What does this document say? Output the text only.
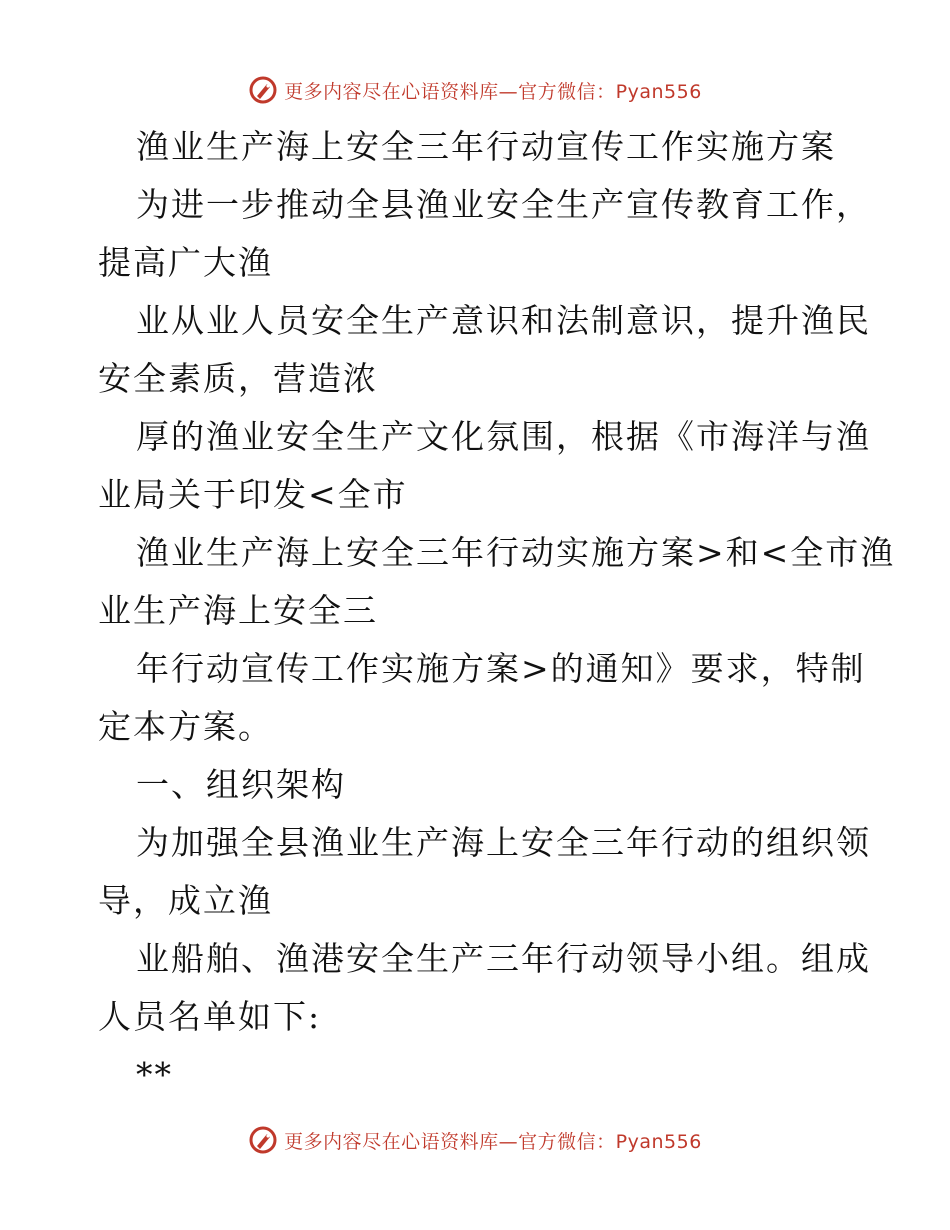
更多内容尽在心语资料库—官方微信：Pyan556
渔业生产海上安全三年行动宣传工作实施方案
为进一步推动全县渔业安全生产宣传教育工作，
提高广大渔
业从业人员安全生产意识和法制意识，提升渔民
安全素质，营造浓
厚的渔业安全生产文化氛围，根据《市海洋与渔
业局关于印发<全市
渔业生产海上安全三年行动实施方案>和<全市渔
业生产海上安全三
年行动宣传工作实施方案>的通知》要求，特制
定本方案。
一、组织架构
为加强全县渔业生产海上安全三年行动的组织领
导，成立渔
业船舶、渔港安全生产三年行动领导小组。组成
人员名单如下:
**
更多内容尽在心语资料库—官方微信：Pyan556
